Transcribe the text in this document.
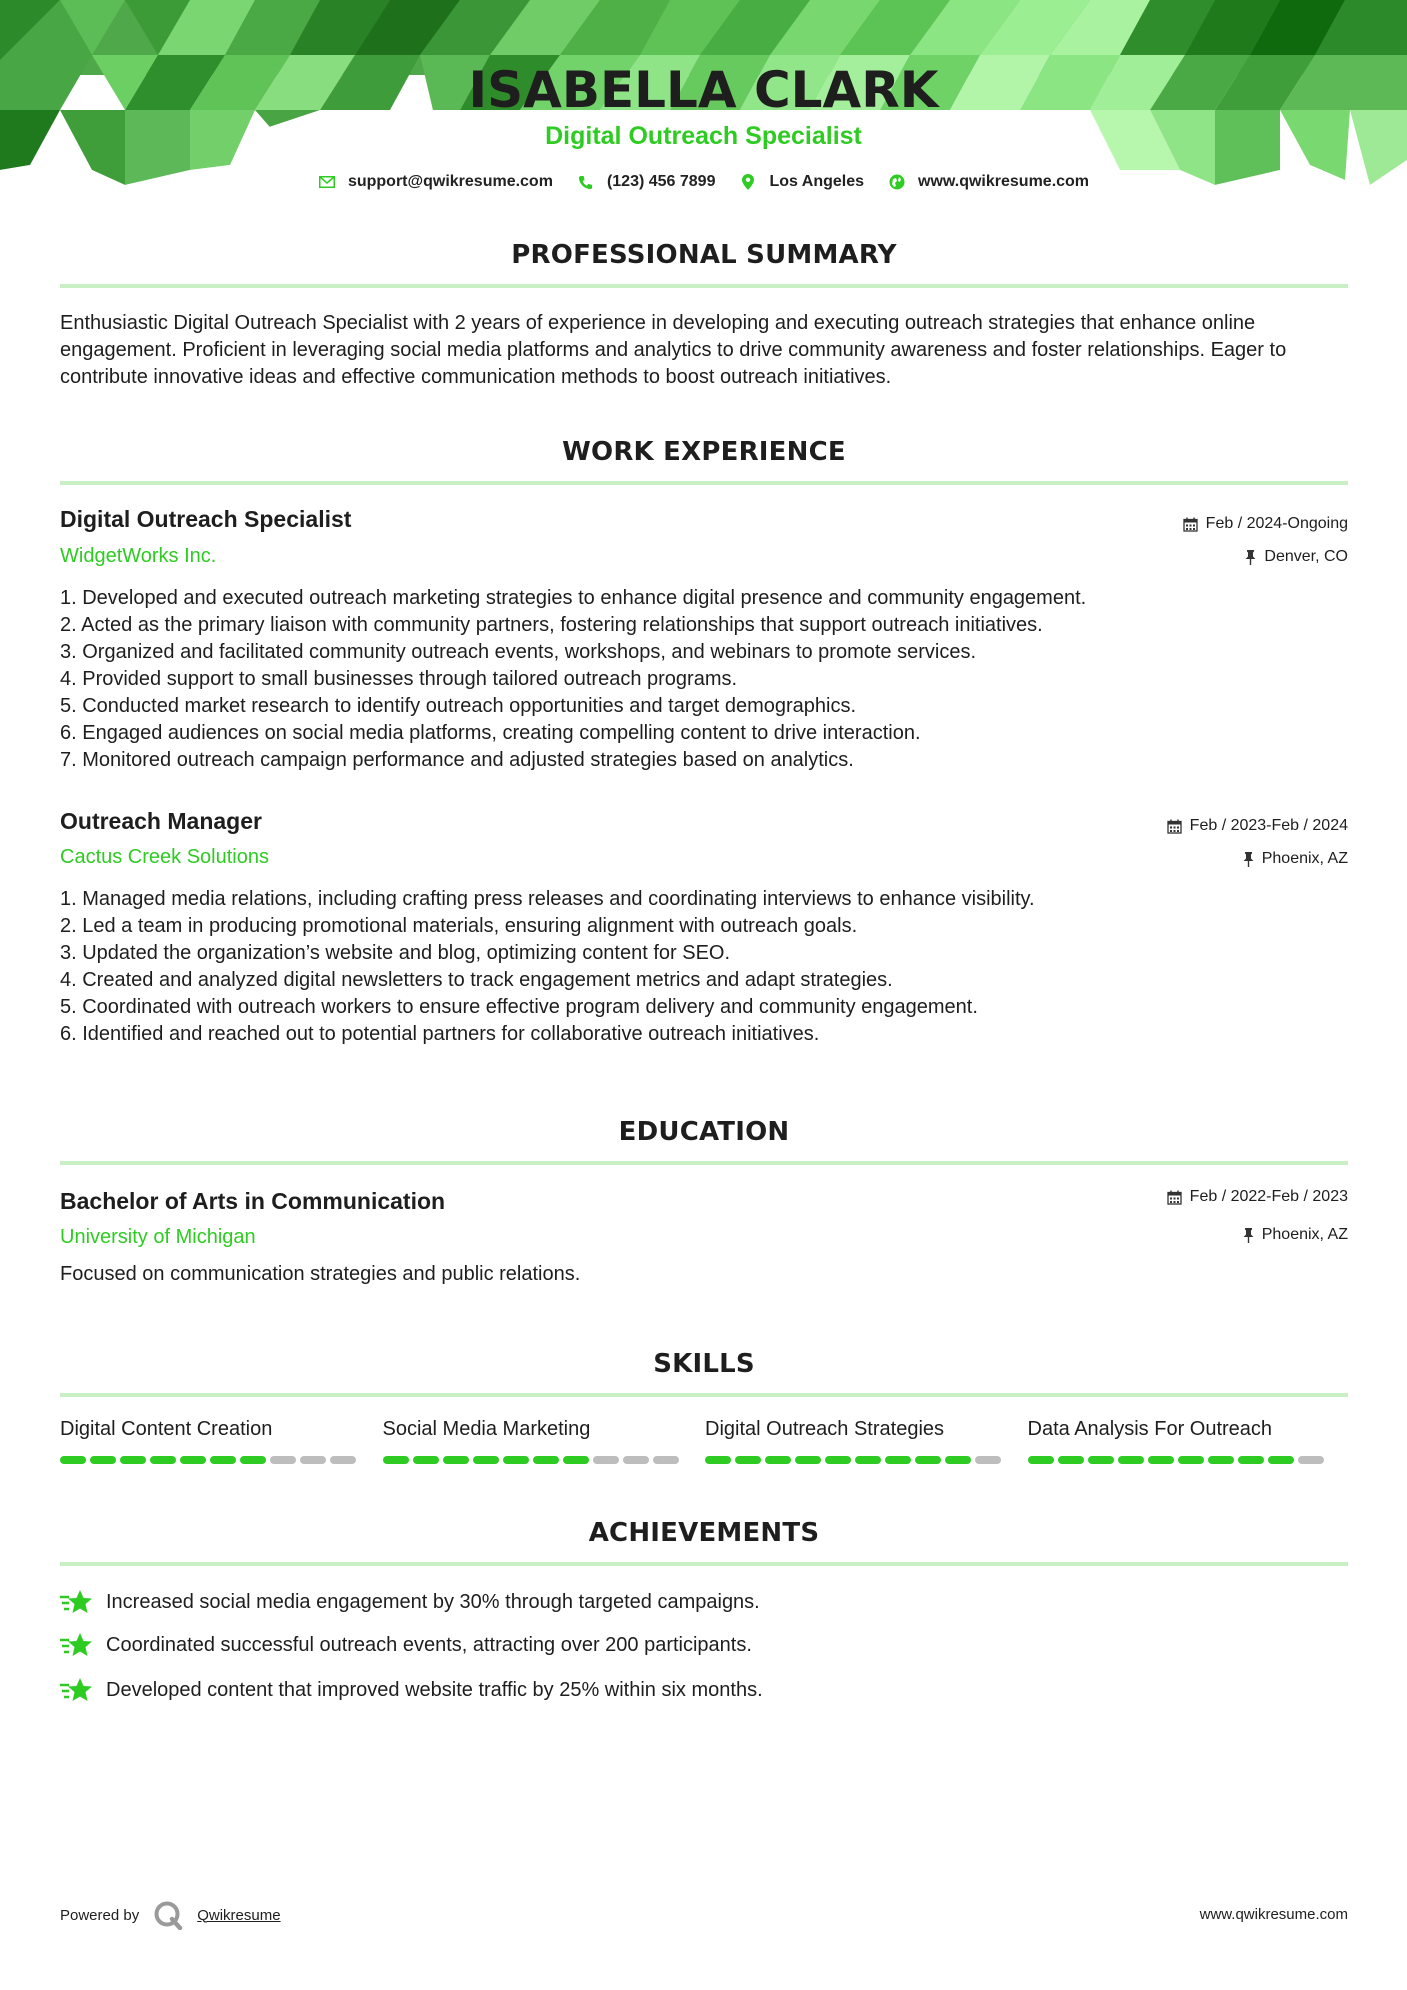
ISABELLA CLARK
Digital Outreach Specialist
support@qwikresume.com	(123) 456 7899	Los Angeles	www.qwikresume.com
PROFESSIONAL SUMMARY
Enthusiastic Digital Outreach Specialist with 2 years of experience in developing and executing outreach strategies that enhance online engagement. Proficient in leveraging social media platforms and analytics to drive community awareness and foster relationships. Eager to contribute innovative ideas and effective communication methods to boost outreach initiatives.
WORK EXPERIENCE
Digital Outreach Specialist
WidgetWorks Inc.
Feb / 2024-Ongoing
Denver, CO
1. Developed and executed outreach marketing strategies to enhance digital presence and community engagement.
2. Acted as the primary liaison with community partners, fostering relationships that support outreach initiatives.
3. Organized and facilitated community outreach events, workshops, and webinars to promote services.
4. Provided support to small businesses through tailored outreach programs.
5. Conducted market research to identify outreach opportunities and target demographics.
6. Engaged audiences on social media platforms, creating compelling content to drive interaction.
7. Monitored outreach campaign performance and adjusted strategies based on analytics.
Outreach Manager
Cactus Creek Solutions
Feb / 2023-Feb / 2024
Phoenix, AZ
1. Managed media relations, including crafting press releases and coordinating interviews to enhance visibility.
2. Led a team in producing promotional materials, ensuring alignment with outreach goals.
3. Updated the organization’s website and blog, optimizing content for SEO.
4. Created and analyzed digital newsletters to track engagement metrics and adapt strategies.
5. Coordinated with outreach workers to ensure effective program delivery and community engagement.
6. Identified and reached out to potential partners for collaborative outreach initiatives.
EDUCATION
Bachelor of Arts in Communication
University of Michigan
Feb / 2022-Feb / 2023
Phoenix, AZ
Focused on communication strategies and public relations.
SKILLS
Digital Content Creation	Social Media Marketing	Digital Outreach Strategies	Data Analysis For Outreach
ACHIEVEMENTS
Increased social media engagement by 30% through targeted campaigns.
Coordinated successful outreach events, attracting over 200 participants.
Developed content that improved website traffic by 25% within six months.
Powered by	Qwikresume	www.qwikresume.com
